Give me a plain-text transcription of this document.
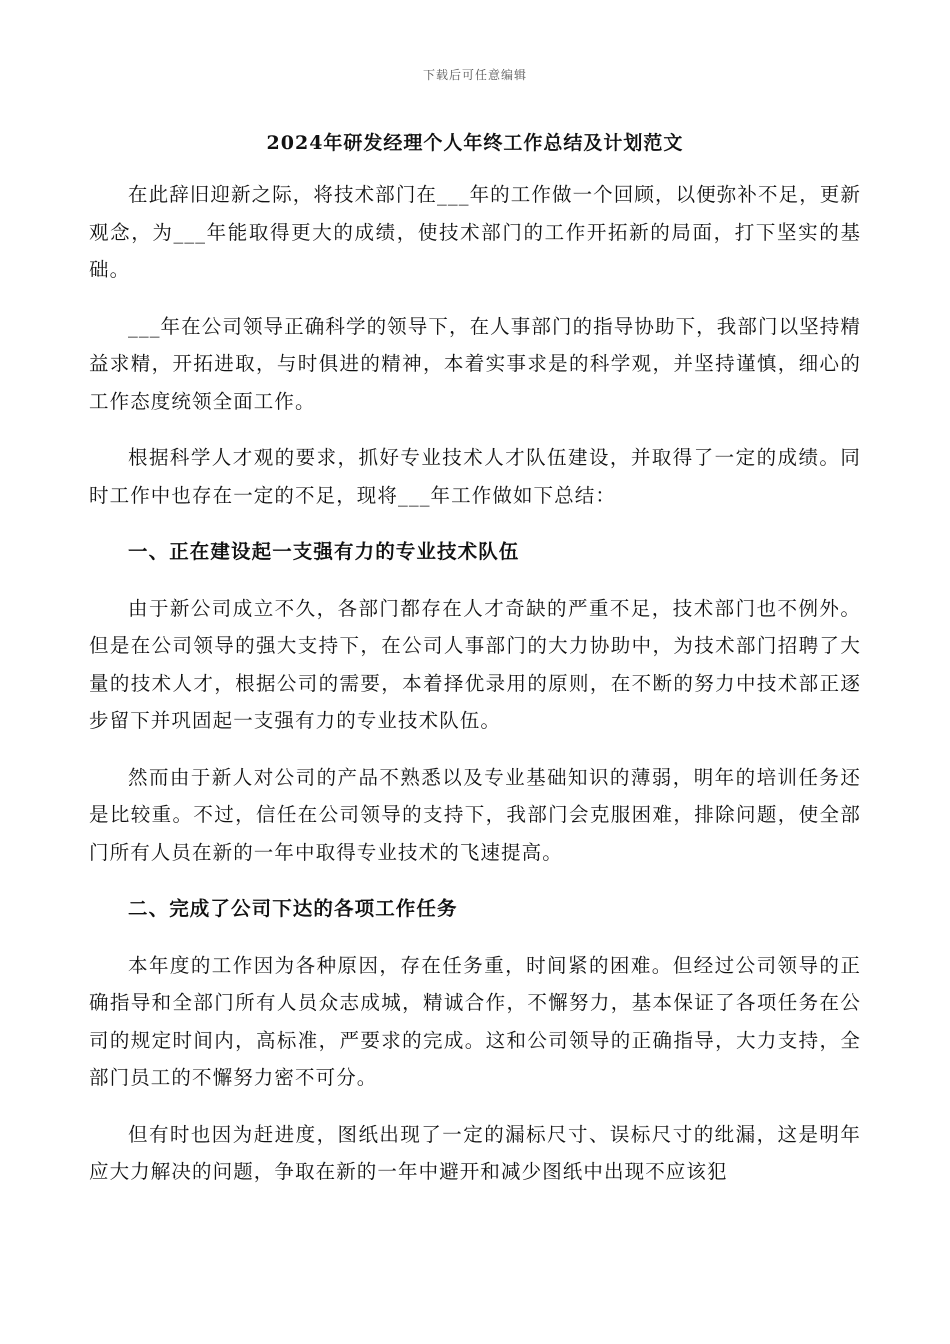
下载后可任意编辑
2024年研发经理个人年终工作总结及计划范文

在此辞旧迎新之际，将技术部门在___年的工作做一个回顾，以便弥补不足，更新观念，为___年能取得更大的成绩，使技术部门的工作开拓新的局面，打下坚实的基础。

___年在公司领导正确科学的领导下，在人事部门的指导协助下，我部门以坚持精益求精，开拓进取，与时俱进的精神，本着实事求是的科学观，并坚持谨慎，细心的工作态度统领全面工作。

根据科学人才观的要求，抓好专业技术人才队伍建设，并取得了一定的成绩。同时工作中也存在一定的不足，现将___年工作做如下总结：

一、正在建设起一支强有力的专业技术队伍

由于新公司成立不久，各部门都存在人才奇缺的严重不足，技术部门也不例外。但是在公司领导的强大支持下，在公司人事部门的大力协助中，为技术部门招聘了大量的技术人才，根据公司的需要，本着择优录用的原则，在不断的努力中技术部正逐步留下并巩固起一支强有力的专业技术队伍。

然而由于新人对公司的产品不熟悉以及专业基础知识的薄弱，明年的培训任务还是比较重。不过，信任在公司领导的支持下，我部门会克服困难，排除问题，使全部门所有人员在新的一年中取得专业技术的飞速提高。

二、完成了公司下达的各项工作任务

本年度的工作因为各种原因，存在任务重，时间紧的困难。但经过公司领导的正确指导和全部门所有人员众志成城，精诚合作，不懈努力，基本保证了各项任务在公司的规定时间内，高标准，严要求的完成。这和公司领导的正确指导，大力支持，全部门员工的不懈努力密不可分。

但有时也因为赶进度，图纸出现了一定的漏标尺寸、误标尺寸的纰漏，这是明年应大力解决的问题，争取在新的一年中避开和减少图纸中出现不应该犯
